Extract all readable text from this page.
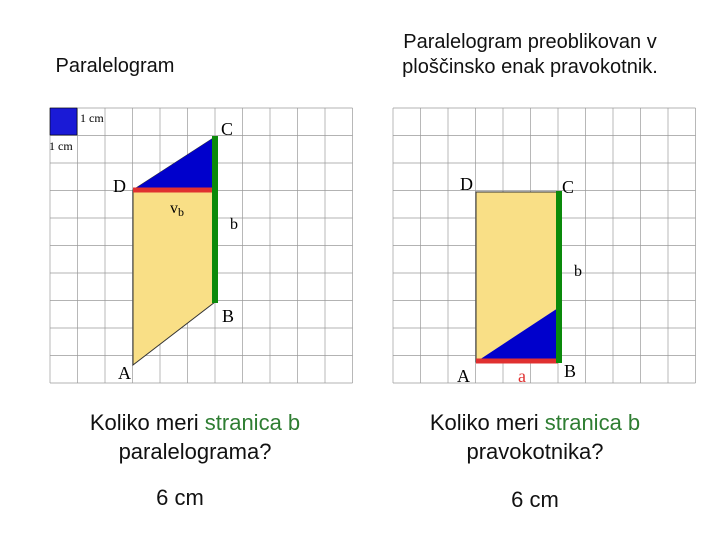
Paralelogram
Paralelogram preoblikovan v
ploščinsko enak pravokotnik.
1 cm
1 cm
C
D
vb
b
B
A
D	C
b
A	a B
Koliko meri stranica b
paralelograma?
Koliko meri stranica b
pravokotnika?
6 cm	6 cm
